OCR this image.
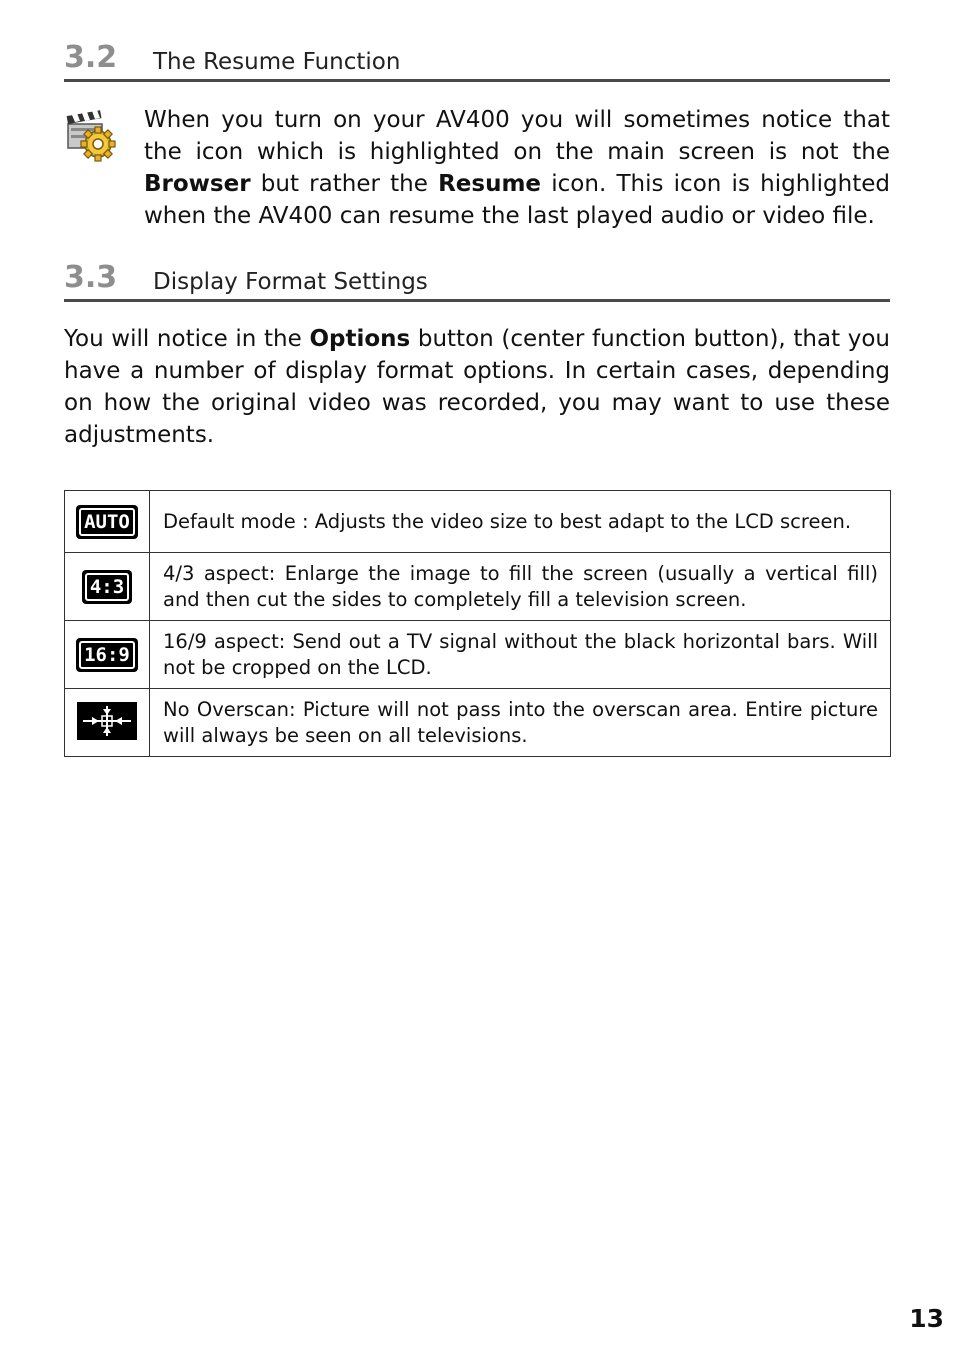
3.2 The Resume Function

When you turn on your AV400 you will sometimes notice that the icon which is highlighted on the main screen is not the Browser but rather the Resume icon. This icon is highlighted when the AV400 can resume the last played audio or video file.

3.3 Display Format Settings

You will notice in the Options button (center function button), that you have a number of display format options. In certain cases, depending on how the original video was recorded, you may want to use these adjustments.

AUTO	Default mode : Adjusts the video size to best adapt to the LCD screen.
4:3	4/3 aspect: Enlarge the image to fill the screen (usually a vertical fill) and then cut the sides to completely fill a television screen.
16:9	16/9 aspect: Send out a TV signal without the black horizontal bars. Will not be cropped on the LCD.
	No Overscan: Picture will not pass into the overscan area. Entire picture will always be seen on all televisions.
13
